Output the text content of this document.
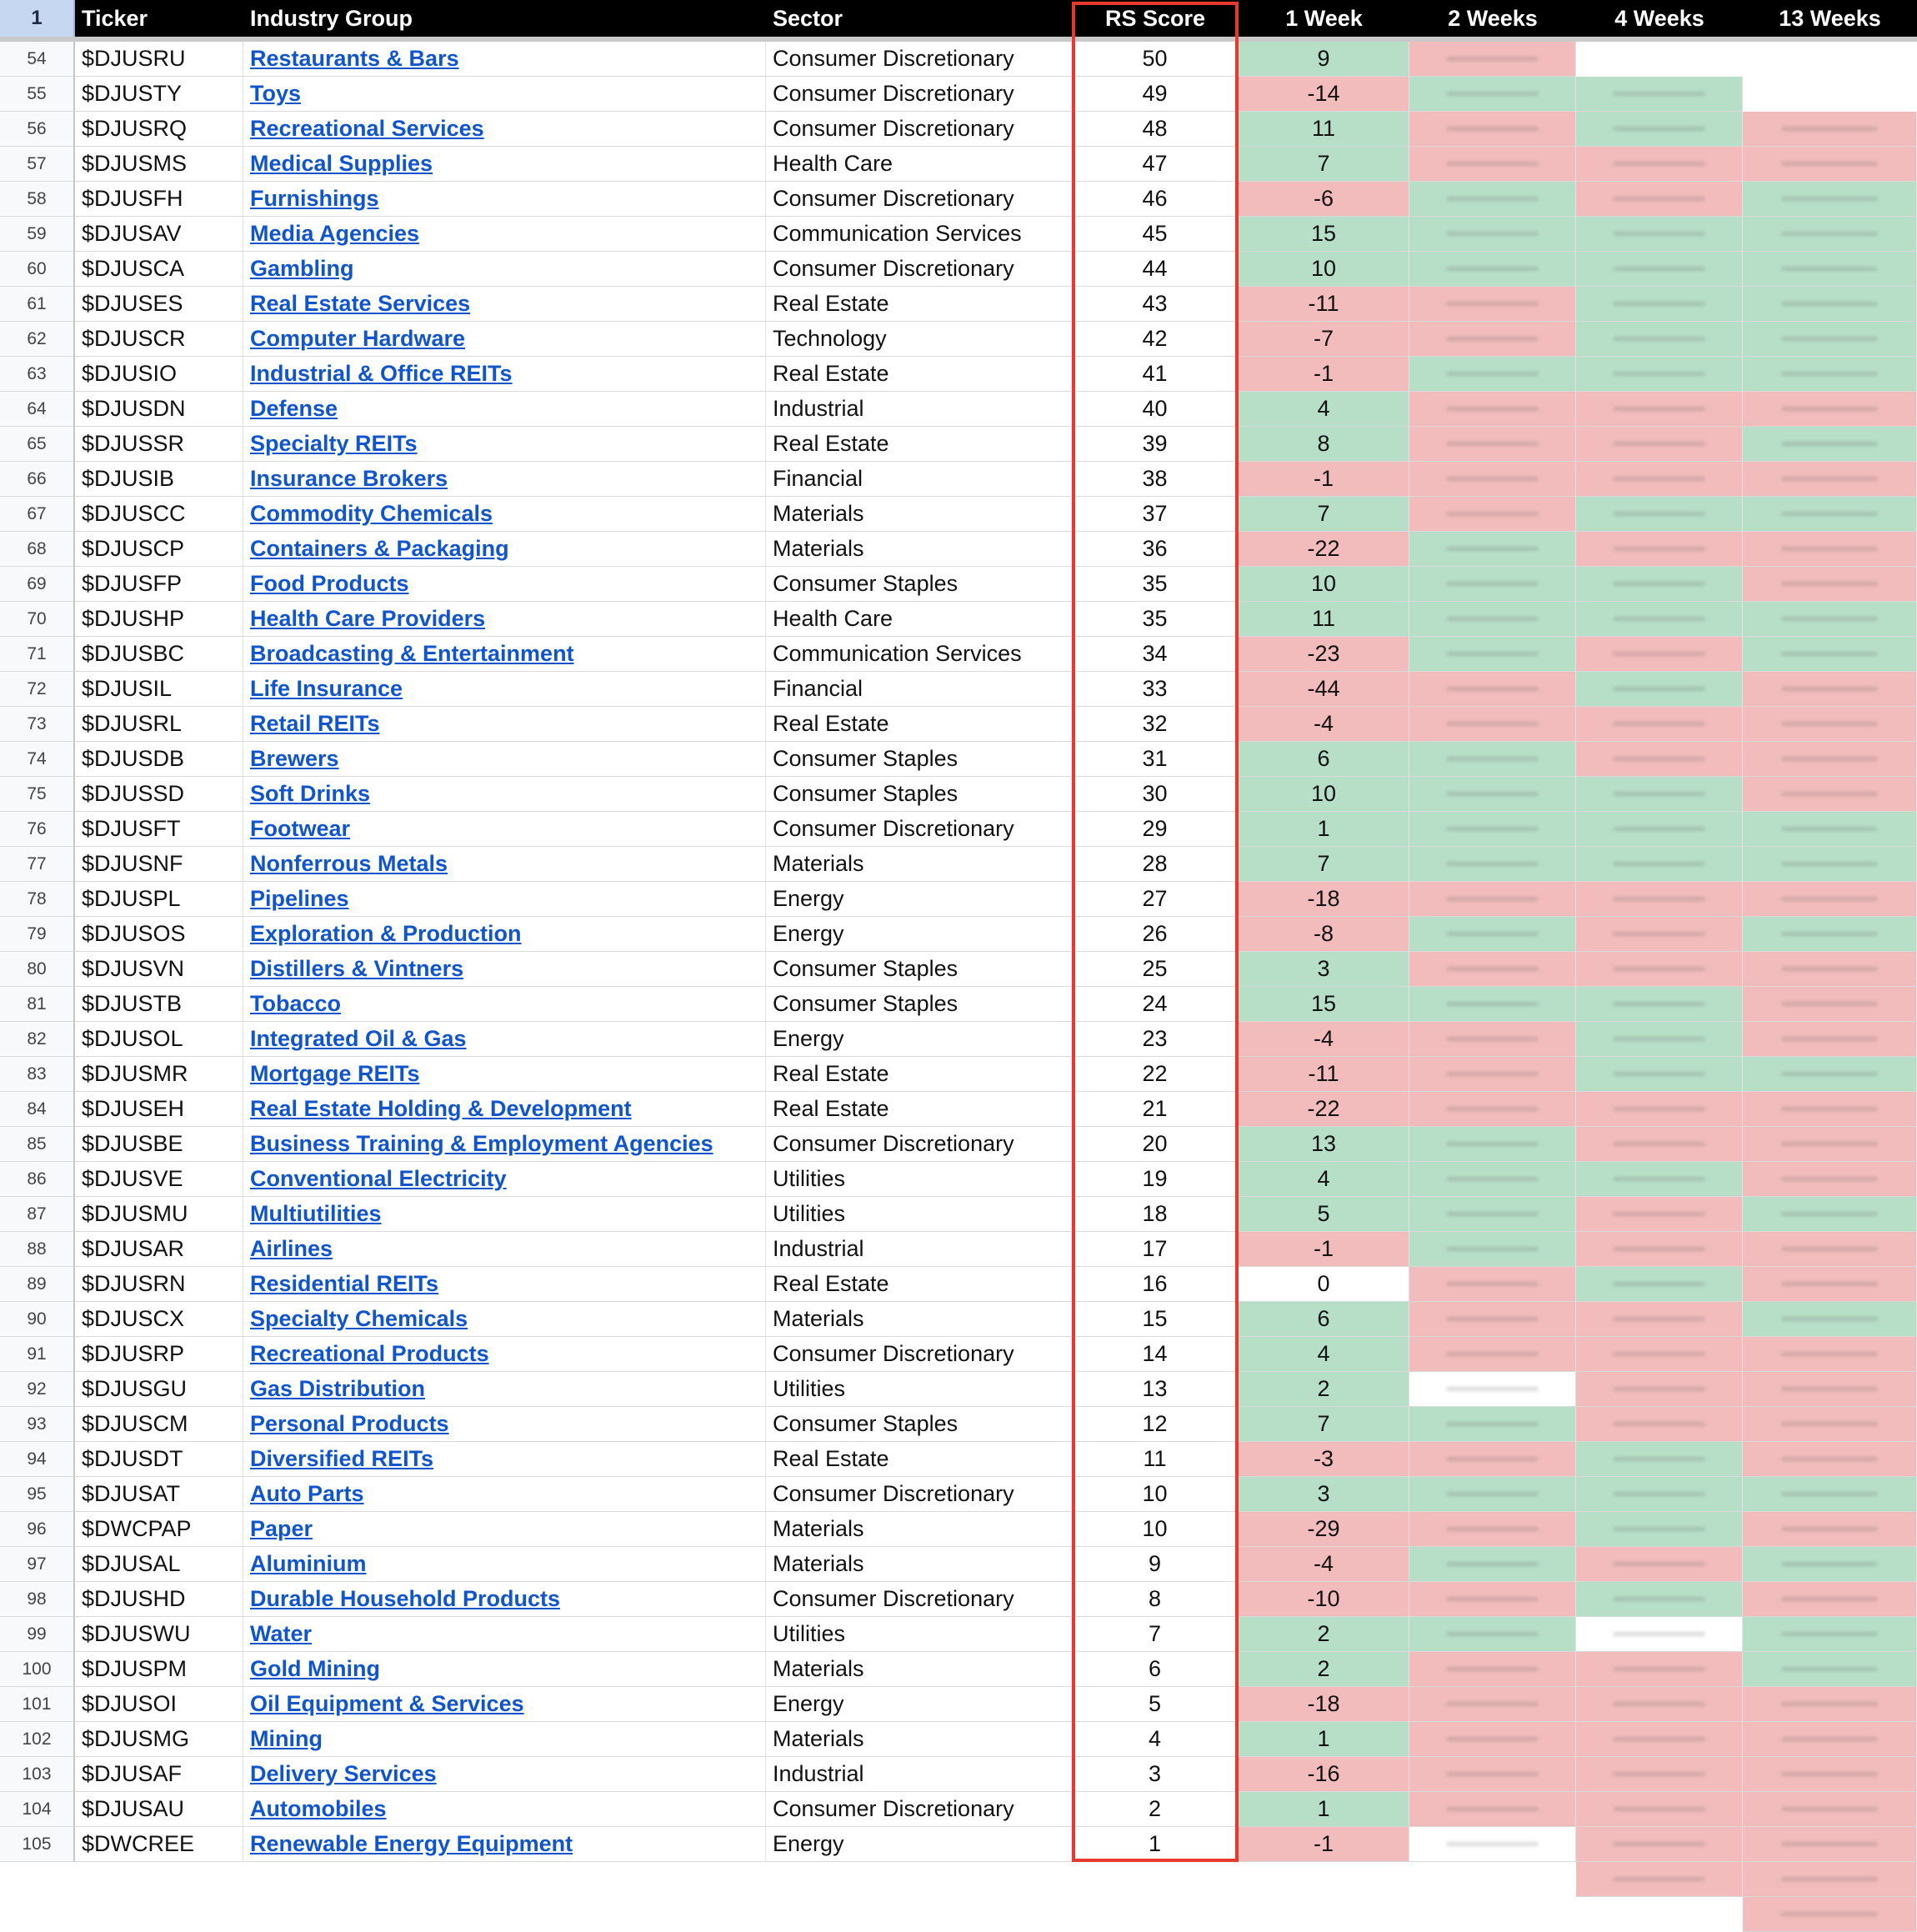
1	Ticker	Industry Group	Sector	RS Score	1 Week	2 Weeks	4 Weeks	13 Weeks
54	$DJUSRU	Restaurants & Bars	Consumer Discretionary	50	9
55	$DJUSTY	Toys	Consumer Discretionary	49	-14
56	$DJUSRQ	Recreational Services	Consumer Discretionary	48	11
57	$DJUSMS	Medical Supplies	Health Care	47	7
58	$DJUSFH	Furnishings	Consumer Discretionary	46	-6
59	$DJUSAV	Media Agencies	Communication Services	45	15
60	$DJUSCA	Gambling	Consumer Discretionary	44	10
61	$DJUSES	Real Estate Services	Real Estate	43	-11
62	$DJUSCR	Computer Hardware	Technology	42	-7
63	$DJUSIO	Industrial & Office REITs	Real Estate	41	-1
64	$DJUSDN	Defense	Industrial	40	4
65	$DJUSSR	Specialty REITs	Real Estate	39	8
66	$DJUSIB	Insurance Brokers	Financial	38	-1
67	$DJUSCC	Commodity Chemicals	Materials	37	7
68	$DJUSCP	Containers & Packaging	Materials	36	-22
69	$DJUSFP	Food Products	Consumer Staples	35	10
70	$DJUSHP	Health Care Providers	Health Care	35	11
71	$DJUSBC	Broadcasting & Entertainment	Communication Services	34	-23
72	$DJUSIL	Life Insurance	Financial	33	-44
73	$DJUSRL	Retail REITs	Real Estate	32	-4
74	$DJUSDB	Brewers	Consumer Staples	31	6
75	$DJUSSD	Soft Drinks	Consumer Staples	30	10
76	$DJUSFT	Footwear	Consumer Discretionary	29	1
77	$DJUSNF	Nonferrous Metals	Materials	28	7
78	$DJUSPL	Pipelines	Energy	27	-18
79	$DJUSOS	Exploration & Production	Energy	26	-8
80	$DJUSVN	Distillers & Vintners	Consumer Staples	25	3
81	$DJUSTB	Tobacco	Consumer Staples	24	15
82	$DJUSOL	Integrated Oil & Gas	Energy	23	-4
83	$DJUSMR	Mortgage REITs	Real Estate	22	-11
84	$DJUSEH	Real Estate Holding & Development	Real Estate	21	-22
85	$DJUSBE	Business Training & Employment Agencies	Consumer Discretionary	20	13
86	$DJUSVE	Conventional Electricity	Utilities	19	4
87	$DJUSMU	Multiutilities	Utilities	18	5
88	$DJUSAR	Airlines	Industrial	17	-1
89	$DJUSRN	Residential REITs	Real Estate	16	0
90	$DJUSCX	Specialty Chemicals	Materials	15	6
91	$DJUSRP	Recreational Products	Consumer Discretionary	14	4
92	$DJUSGU	Gas Distribution	Utilities	13	2
93	$DJUSCM	Personal Products	Consumer Staples	12	7
94	$DJUSDT	Diversified REITs	Real Estate	11	-3
95	$DJUSAT	Auto Parts	Consumer Discretionary	10	3
96	$DWCPAP	Paper	Materials	10	-29
97	$DJUSAL	Aluminium	Materials	9	-4
98	$DJUSHD	Durable Household Products	Consumer Discretionary	8	-10
99	$DJUSWU	Water	Utilities	7	2
100	$DJUSPM	Gold Mining	Materials	6	2
101	$DJUSOI	Oil Equipment & Services	Energy	5	-18
102	$DJUSMG	Mining	Materials	4	1
103	$DJUSAF	Delivery Services	Industrial	3	-16
104	$DJUSAU	Automobiles	Consumer Discretionary	2	1
105	$DWCREE	Renewable Energy Equipment	Energy	1	-1
